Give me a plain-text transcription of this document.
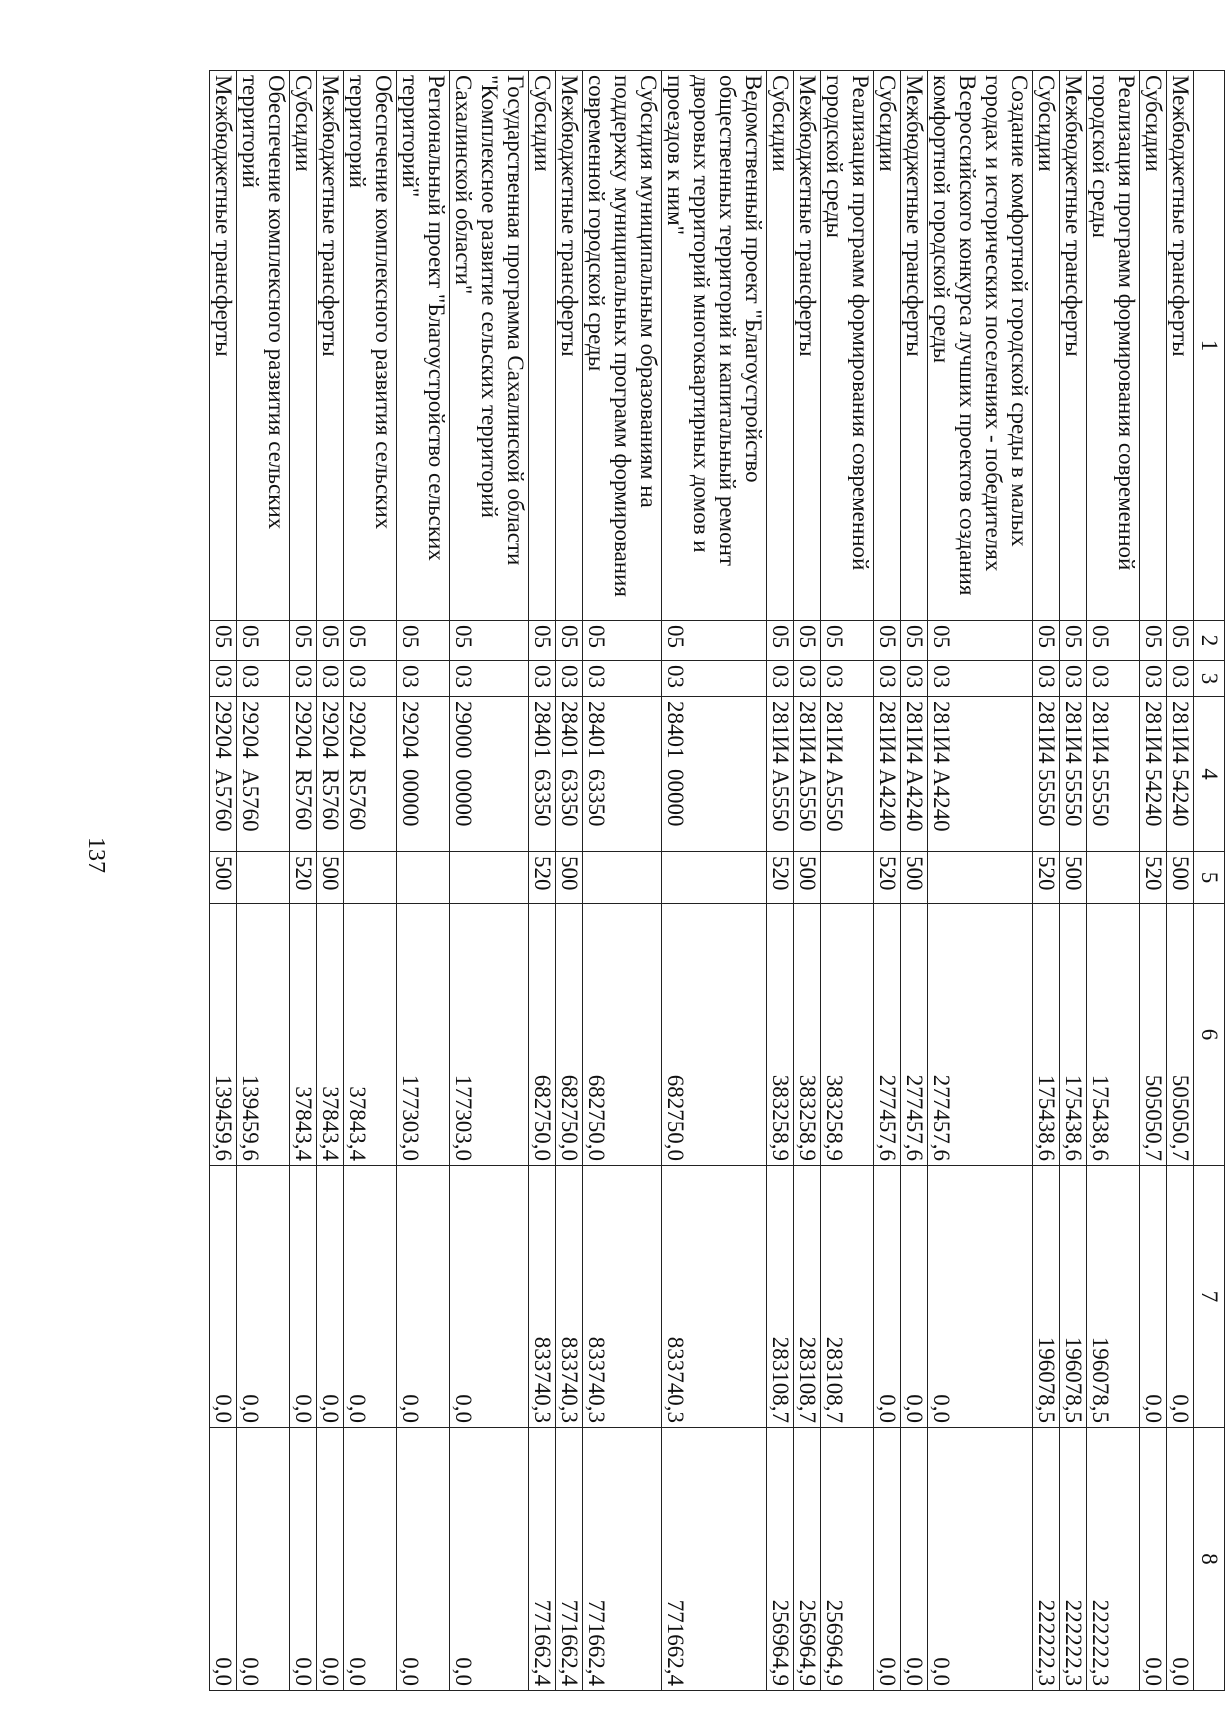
137
1	2	3	4	5	6	7	8
Межбюджетные трансферты	05	03	281И454240	500	505050,7	0,0	0,0
Субсидии	05	03	281И454240	520	505050,7	0,0	0,0
Реализация программ формирования современной городской среды	05	03	281И455550		175438,6	196078,5	222222,3
Межбюджетные трансферты	05	03	281И455550	500	175438,6	196078,5	222222,3
Субсидии	05	03	281И455550	520	175438,6	196078,5	222222,3
Создание комфортной городской среды в малых городах и исторических поселениях - победителях Всероссийского конкурса лучших проектов создания комфортной городской среды	05	03	281И4А4240		277457,6	0,0	0,0
Межбюджетные трансферты	05	03	281И4А4240	500	277457,6	0,0	0,0
Субсидии	05	03	281И4А4240	520	277457,6	0,0	0,0
Реализация программ формирования современной городской среды	05	03	281И4А5550		383258,9	283108,7	256964,9
Межбюджетные трансферты	05	03	281И4А5550	500	383258,9	283108,7	256964,9
Субсидии	05	03	281И4А5550	520	383258,9	283108,7	256964,9
Ведомственный проект "Благоустройство общественных территорий и капитальный ремонт дворовых территорий многоквартирных домов и проездов к ним"	05	03	2840100000		682750,0	833740,3	771662,4
Субсидия муниципальным образованиям на поддержку муниципальных программ формирования современной городской среды	05	03	2840163350		682750,0	833740,3	771662,4
Межбюджетные трансферты	05	03	2840163350	500	682750,0	833740,3	771662,4
Субсидии	05	03	2840163350	520	682750,0	833740,3	771662,4
Государственная программа Сахалинской области "Комплексное развитие сельских территорий Сахалинской области"	05	03	2900000000		177303,0	0,0	0,0
Региональный проект "Благоустройство сельских территорий"	05	03	2920400000		177303,0	0,0	0,0
Обеспечение комплексного развития сельских территорий	05	03	29204R5760		37843,4	0,0	0,0
Межбюджетные трансферты	05	03	29204R5760	500	37843,4	0,0	0,0
Субсидии	05	03	29204R5760	520	37843,4	0,0	0,0
Обеспечение комплексного развития сельских территорий	05	03	29204А5760		139459,6	0,0	0,0
Межбюджетные трансферты	05	03	29204А5760	500	139459,6	0,0	0,0
